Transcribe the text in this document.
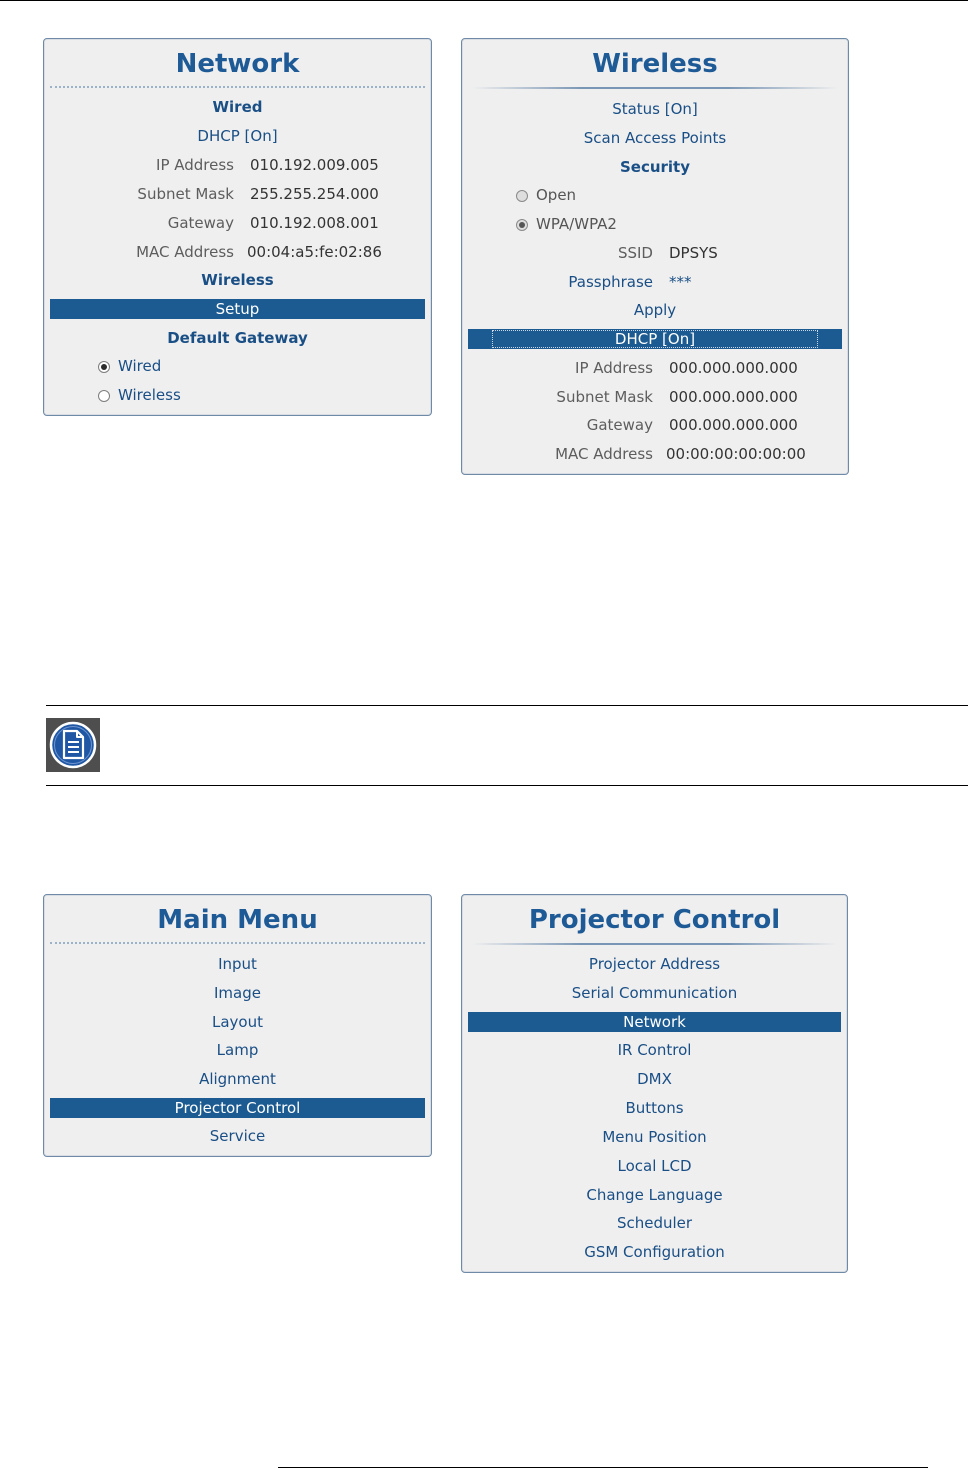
Network
Wired
DHCP [On]
IP Address 010.192.009.005
Subnet Mask 255.255.254.000
Gateway 010.192.008.001
MAC Address 00:04:a5:fe:02:86
Wireless
Setup
Default Gateway
Wired
Wireless
Wireless
Status [On]
Scan Access Points
Security
Open
WPA/WPA2
SSID DPSYS
Passphrase ***
Apply
DHCP [On]
IP Address 000.000.000.000
Subnet Mask 000.000.000.000
Gateway 000.000.000.000
MAC Address 00:00:00:00:00:00
Main Menu
Input
Image
Layout
Lamp
Alignment
Projector Control
Service
Projector Control
Projector Address
Serial Communication
Network
IR Control
DMX
Buttons
Menu Position
Local LCD
Change Language
Scheduler
GSM Configuration
